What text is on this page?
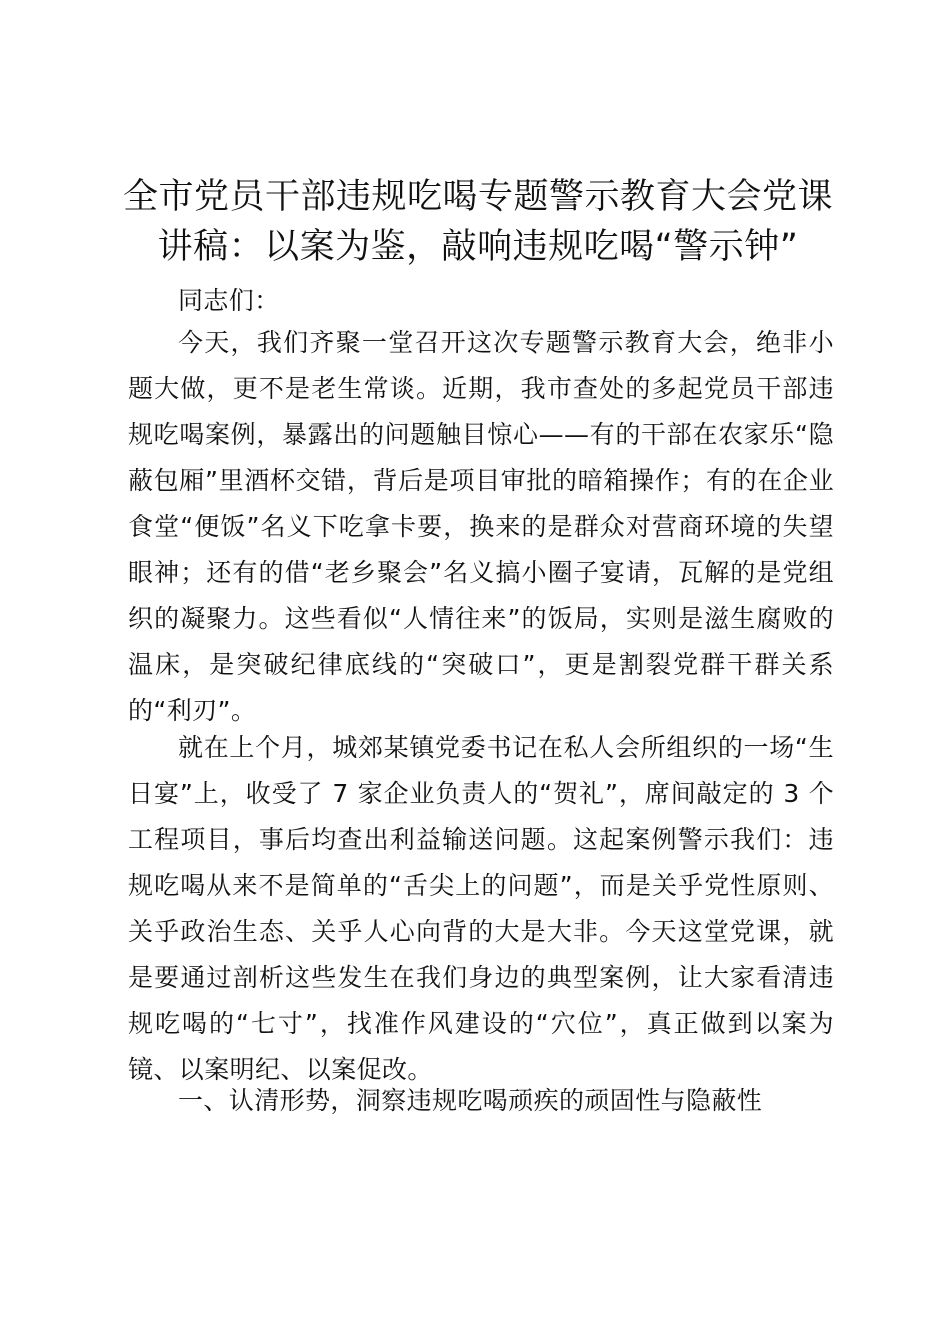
全市党员干部违规吃喝专题警示教育大会党课讲稿：以案为鉴，敲响违规吃喝“警示钟”

同志们：

今天，我们齐聚一堂召开这次专题警示教育大会，绝非小题大做，更不是老生常谈。近期，我市查处的多起党员干部违规吃喝案例，暴露出的问题触目惊心——有的干部在农家乐“隐蔽包厢”里酒杯交错，背后是项目审批的暗箱操作；有的在企业食堂“便饭”名义下吃拿卡要，换来的是群众对营商环境的失望眼神；还有的借“老乡聚会”名义搞小圈子宴请，瓦解的是党组织的凝聚力。这些看似“人情往来”的饭局，实则是滋生腐败的温床，是突破纪律底线的“突破口”，更是割裂党群干群关系的“利刃”。

就在上个月，城郊某镇党委书记在私人会所组织的一场“生日宴”上，收受了 7 家企业负责人的“贺礼”，席间敲定的 3 个工程项目，事后均查出利益输送问题。这起案例警示我们：违规吃喝从来不是简单的“舌尖上的问题”，而是关乎党性原则、关乎政治生态、关乎人心向背的大是大非。今天这堂党课，就是要通过剖析这些发生在我们身边的典型案例，让大家看清违规吃喝的“七寸”，找准作风建设的“穴位”，真正做到以案为镜、以案明纪、以案促改。

一、认清形势，洞察违规吃喝顽疾的顽固性与隐蔽性
